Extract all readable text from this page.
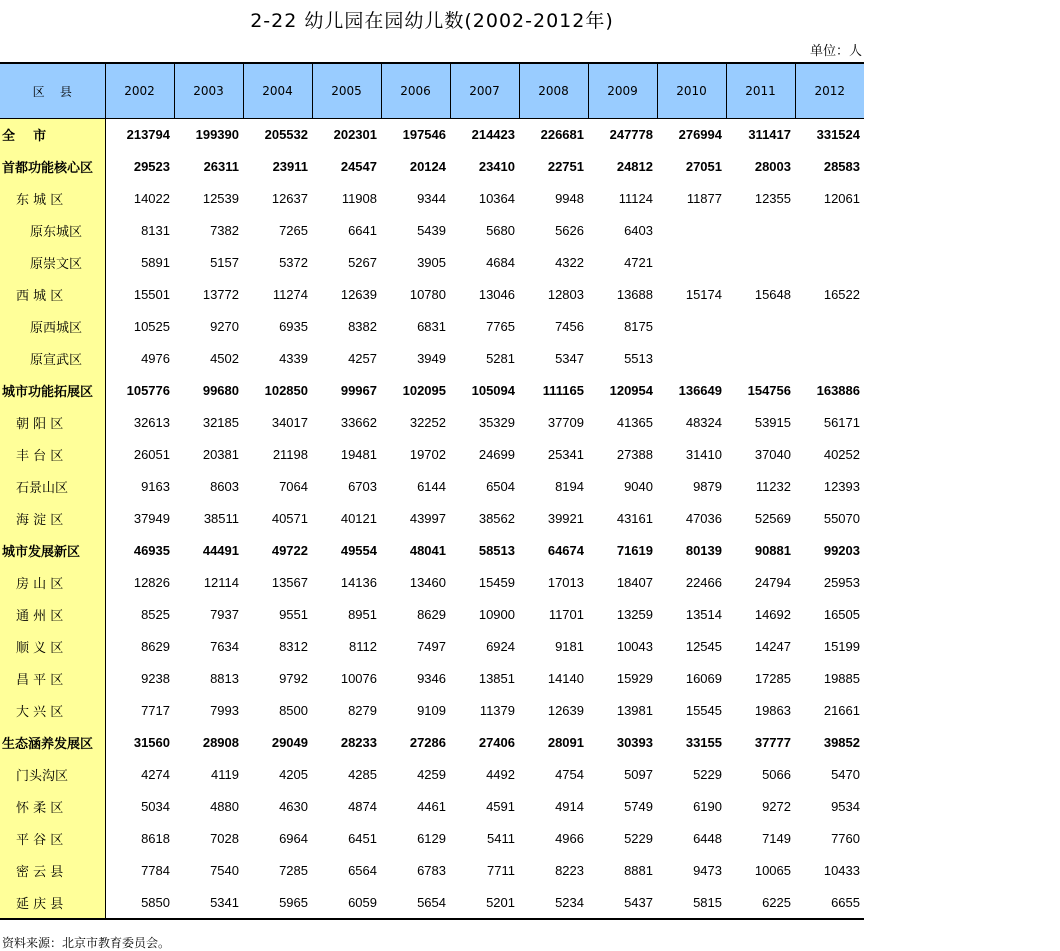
2-22 幼儿园在园幼儿数(2002-2012年)
单位：人
区    县	2002	2003	2004	2005	2006	2007	2008	2009	2010	2011	2012
全    市	213794	199390	205532	202301	197546	214423	226681	247778	276994	311417	331524
首都功能核心区	29523	26311	23911	24547	20124	23410	22751	24812	27051	28003	28583
东 城 区	14022	12539	12637	11908	9344	10364	9948	11124	11877	12355	12061
原东城区	8131	7382	7265	6641	5439	5680	5626	6403			
原崇文区	5891	5157	5372	5267	3905	4684	4322	4721			
西 城 区	15501	13772	11274	12639	10780	13046	12803	13688	15174	15648	16522
原西城区	10525	9270	6935	8382	6831	7765	7456	8175			
原宣武区	4976	4502	4339	4257	3949	5281	5347	5513			
城市功能拓展区	105776	99680	102850	99967	102095	105094	111165	120954	136649	154756	163886
朝 阳 区	32613	32185	34017	33662	32252	35329	37709	41365	48324	53915	56171
丰 台 区	26051	20381	21198	19481	19702	24699	25341	27388	31410	37040	40252
石景山区	9163	8603	7064	6703	6144	6504	8194	9040	9879	11232	12393
海 淀 区	37949	38511	40571	40121	43997	38562	39921	43161	47036	52569	55070
城市发展新区	46935	44491	49722	49554	48041	58513	64674	71619	80139	90881	99203
房 山 区	12826	12114	13567	14136	13460	15459	17013	18407	22466	24794	25953
通 州 区	8525	7937	9551	8951	8629	10900	11701	13259	13514	14692	16505
顺 义 区	8629	7634	8312	8112	7497	6924	9181	10043	12545	14247	15199
昌 平 区	9238	8813	9792	10076	9346	13851	14140	15929	16069	17285	19885
大 兴 区	7717	7993	8500	8279	9109	11379	12639	13981	15545	19863	21661
生态涵养发展区	31560	28908	29049	28233	27286	27406	28091	30393	33155	37777	39852
门头沟区	4274	4119	4205	4285	4259	4492	4754	5097	5229	5066	5470
怀 柔 区	5034	4880	4630	4874	4461	4591	4914	5749	6190	9272	9534
平 谷 区	8618	7028	6964	6451	6129	5411	4966	5229	6448	7149	7760
密 云 县	7784	7540	7285	6564	6783	7711	8223	8881	9473	10065	10433
延 庆 县	5850	5341	5965	6059	5654	5201	5234	5437	5815	6225	6655
资料来源：北京市教育委员会。
